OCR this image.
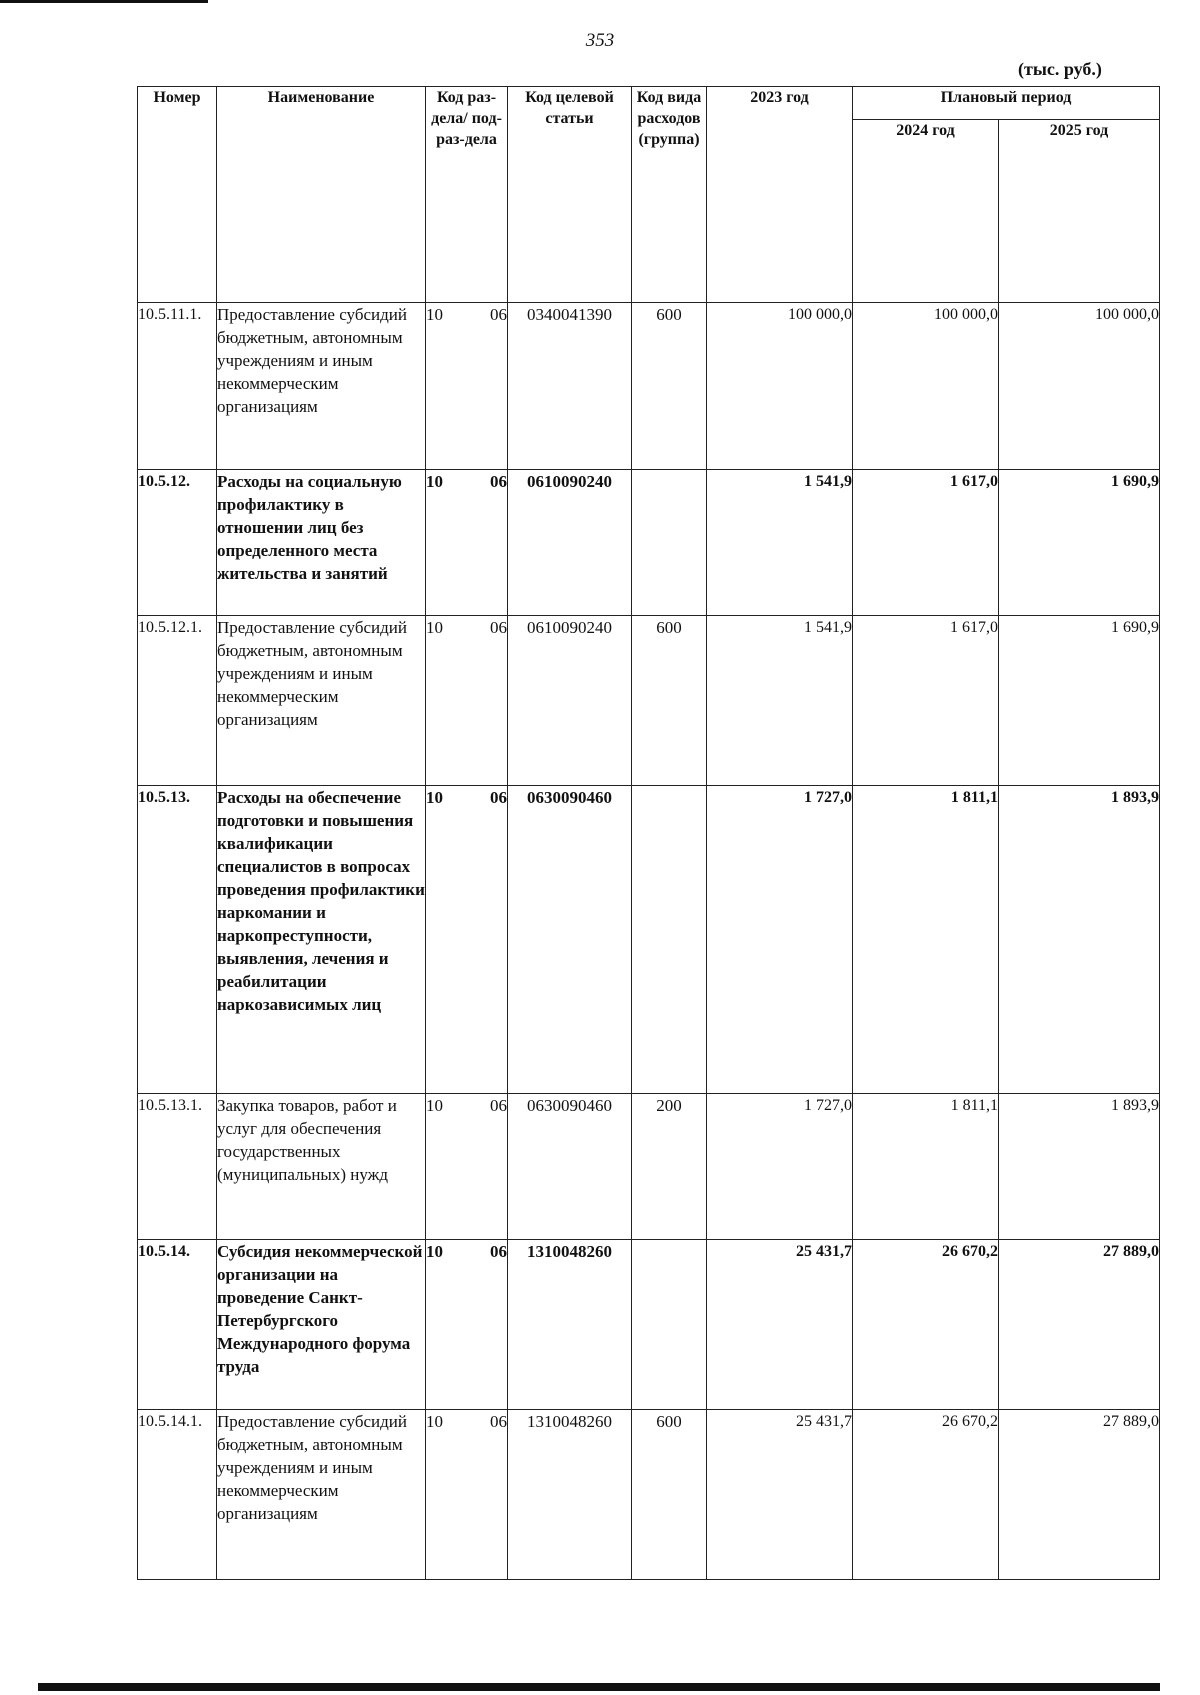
353
(тыс. руб.)
Номер	Наименование	Код раз-дела/ под-раз-дела	Код целевой статьи	Код вида расходов (группа)	2023 год	Плановый период	
						2024 год	2025 год
10.5.11.1.	Предоставление субсидий бюджетным, автономным учреждениям и иным некоммерческим организациям	10 06	0340041390	600	100 000,0	100 000,0	100 000,0
10.5.12.	Расходы на социальную профилактику в отношении лиц без определенного места жительства и занятий	10 06	0610090240		1 541,9	1 617,0	1 690,9
10.5.12.1.	Предоставление субсидий бюджетным, автономным учреждениям и иным некоммерческим организациям	10 06	0610090240	600	1 541,9	1 617,0	1 690,9
10.5.13.	Расходы на обеспечение подготовки и повышения квалификации специалистов в вопросах проведения профилактики наркомании и наркопреступности, выявления, лечения и реабилитации наркозависимых лиц	10 06	0630090460		1 727,0	1 811,1	1 893,9
10.5.13.1.	Закупка товаров, работ и услуг для обеспечения государственных (муниципальных) нужд	10 06	0630090460	200	1 727,0	1 811,1	1 893,9
10.5.14.	Субсидия некоммерческой организации на проведение Санкт-Петербургского Международного форума труда	10 06	1310048260		25 431,7	26 670,2	27 889,0
10.5.14.1.	Предоставление субсидий бюджетным, автономным учреждениям и иным некоммерческим организациям	10 06	1310048260	600	25 431,7	26 670,2	27 889,0
